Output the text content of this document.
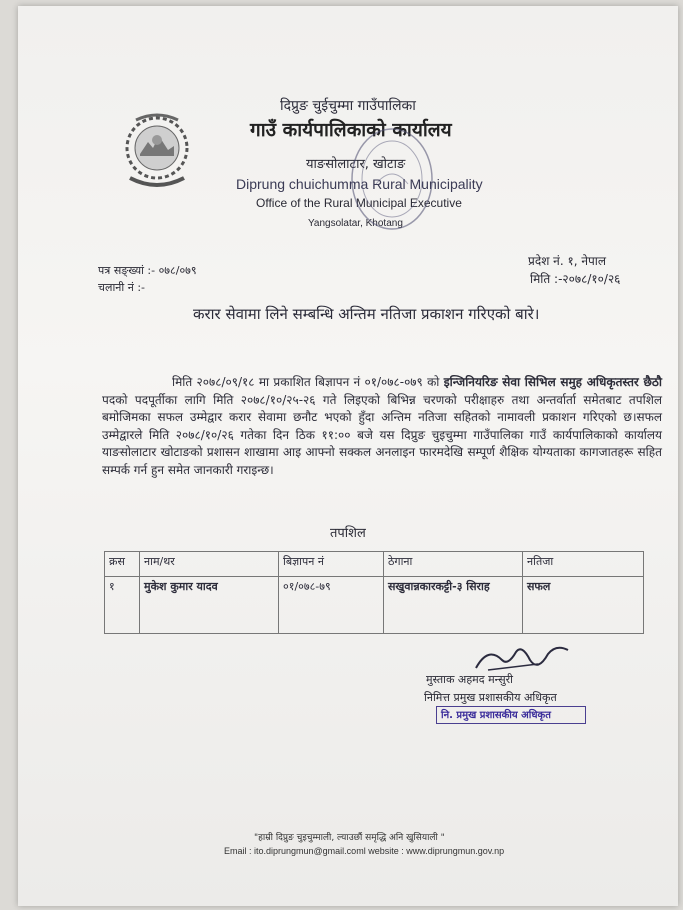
दिप्रुङ चुईचुम्मा गाउँपालिका
गाउँ कार्यपालिकाको कार्यालय
याङसोलाटार, खोटाङ
Diprung chuichumma Rural Municipality
Office of the Rural Municipal Executive
Yangsolatar, Khotang
पत्र सङ्ख्यां :- ०७८/०७९
चलानी नं :-
प्रदेश नं. १, नेपाल
मिति :-२०७८/१०/२६
करार सेवामा लिने सम्बन्धि अन्तिम नतिजा प्रकाशन गरिएको बारे।

मिति २०७८/०९/१८ मा प्रकाशित बिज्ञापन नं ०१/०७८-०७९ को इन्जिनियरिङ सेवा सिभिल समुह अधिकृतस्तर छैठौ पदको पदपूर्तीका लागि मिति २०७८/१०/२५-२६ गते लिइएको बिभिन्न चरणको परीक्षाहरु तथा अन्तर्वार्ता समेतबाट तपशिल बमोजिमका सफल उम्मेद्वार करार सेवामा छनौट भएको हुँदा अन्तिम नतिजा सहितको नामावली प्रकाशन गरिएको छ।सफल उम्मेद्वारले मिति २०७८/१०/२६ गतेका दिन ठिक ११:०० बजे यस दिप्रुङ चुइचुम्मा गाउँपालिका गाउँ कार्यपालिकाको कार्यालय याङसोलाटार खोटाङको प्रशासन शाखामा आइ आफ्नो सक्कल अनलाइन फारमदेखि सम्पूर्ण शैक्षिक योग्यताका कागजातहरू सहित सम्पर्क गर्न हुन समेत जानकारी गराइन्छ।

तपशिल
क्रस	नाम/थर	बिज्ञापन नं	ठेगाना	नतिजा
१	मुकेश कुमार यादव	०१/०७८-७९	सखुवान्नकारकट्टी-३ सिराह	सफल
मुस्ताक अहमद मन्सुरी
निमित्त प्रमुख प्रशासकीय अधिकृत
नि. प्रमुख प्रशासकीय अधिकृत
"हाम्री दिप्रुङ चुइचुम्माली, ल्याउछौं समृद्धि अनि खुसियाली "
Email : ito.diprungmun@gmail.coml website : www.diprungmun.gov.np
